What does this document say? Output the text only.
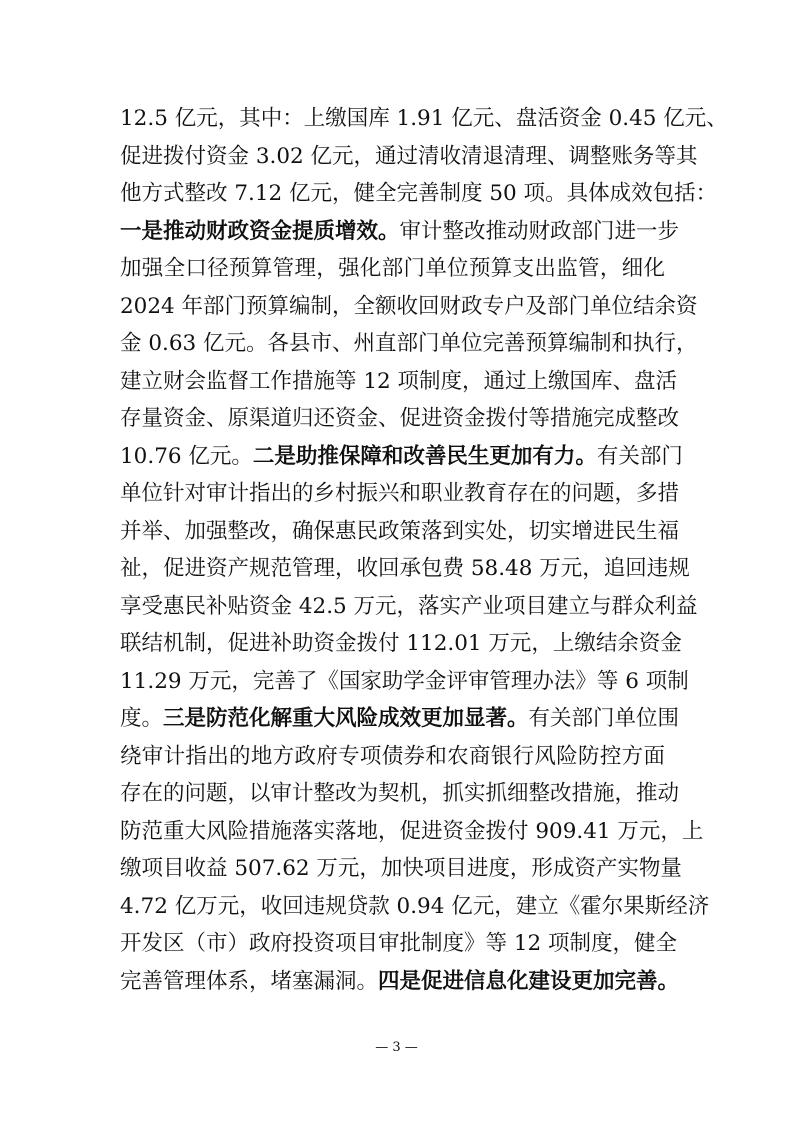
12.5 亿元，其中：上缴国库 1.91 亿元、盘活资金 0.45 亿元、
促进拨付资金 3.02 亿元，通过清收清退清理、调整账务等其
他方式整改 7.12 亿元，健全完善制度 50 项。具体成效包括：
一是推动财政资金提质增效。审计整改推动财政部门进一步
加强全口径预算管理，强化部门单位预算支出监管，细化
2024 年部门预算编制，全额收回财政专户及部门单位结余资
金 0.63 亿元。各县市、州直部门单位完善预算编制和执行，
建立财会监督工作措施等 12 项制度，通过上缴国库、盘活
存量资金、原渠道归还资金、促进资金拨付等措施完成整改
10.76 亿元。二是助推保障和改善民生更加有力。有关部门
单位针对审计指出的乡村振兴和职业教育存在的问题，多措
并举、加强整改，确保惠民政策落到实处，切实增进民生福
祉，促进资产规范管理，收回承包费 58.48 万元，追回违规
享受惠民补贴资金 42.5 万元，落实产业项目建立与群众利益
联结机制，促进补助资金拨付 112.01 万元，上缴结余资金
11.29 万元，完善了《国家助学金评审管理办法》等 6 项制
度。三是防范化解重大风险成效更加显著。有关部门单位围
绕审计指出的地方政府专项债券和农商银行风险防控方面
存在的问题，以审计整改为契机，抓实抓细整改措施，推动
防范重大风险措施落实落地，促进资金拨付 909.41 万元，上
缴项目收益 507.62 万元，加快项目进度，形成资产实物量
4.72 亿万元，收回违规贷款 0.94 亿元，建立《霍尔果斯经济
开发区（市）政府投资项目审批制度》等 12 项制度，健全
完善管理体系，堵塞漏洞。四是促进信息化建设更加完善。
— 3 —
